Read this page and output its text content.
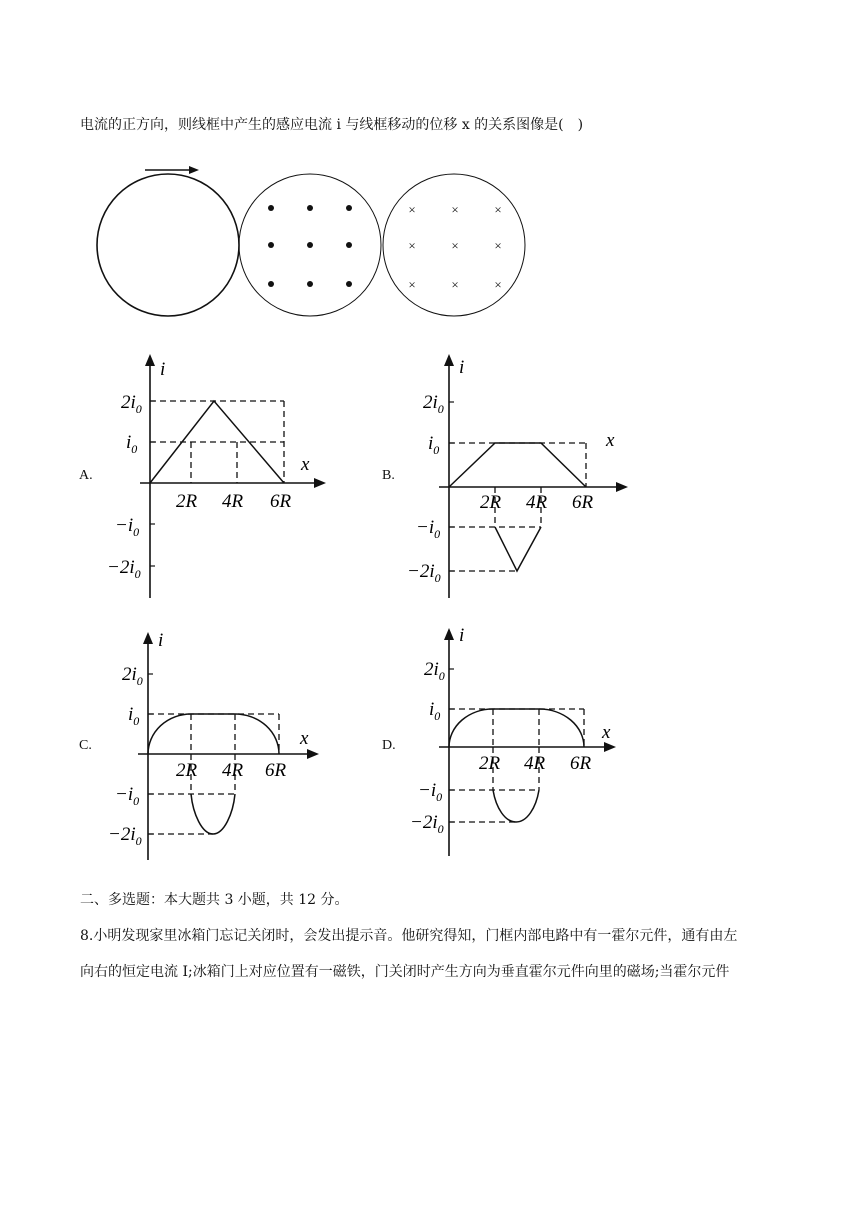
电流的正方向，则线框中产生的感应电流 i 与线框移动的位移 x 的关系图像是(　)
×	×	×
×	×	×
×	×	×
i
x
$2i_0$
$i_0$
$-i_0$
$-2i_0$
2R 4R 6R
i
x
$2i_0$
$i_0$
$-i_0$
$-2i_0$
2R 4R 6R
i
x
$2i_0$
$i_0$
$-i_0$
$-2i_0$
2R 4R 6R
i
x
$2i_0$
$i_0$
$-i_0$
$-2i_0$
2R 4R 6R
A.	B.
C.	D.
二、多选题：本大题共 3 小题，共 12 分。
8.小明发现家里冰箱门忘记关闭时，会发出提示音。他研究得知，门框内部电路中有一霍尔元件，通有由左
向右的恒定电流 I;冰箱门上对应位置有一磁铁，门关闭时产生方向为垂直霍尔元件向里的磁场;当霍尔元件
